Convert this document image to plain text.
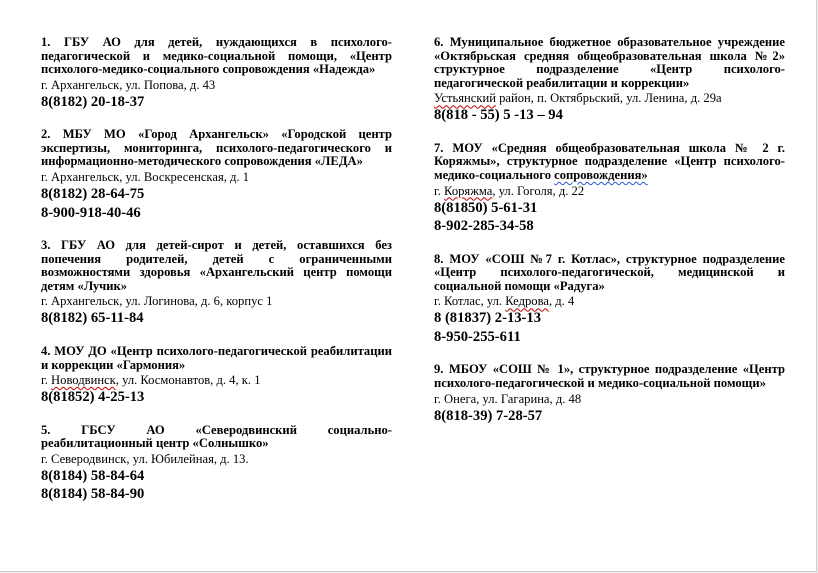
1. ГБУ АО для детей, нуждающихся в психолого-педагогической и медико-социальной помощи, «Центр психолого-медико-социального сопровождения «Надежда»
г. Архангельск, ул. Попова, д. 43
8(8182) 20-18-37
2. МБУ МО «Город Архангельск» «Городской центр экспертизы, мониторинга, психолого-педагогического и информационно-методического сопровождения «ЛЕДА»
г. Архангельск, ул. Воскресенская, д. 1
8(8182) 28-64-75
8-900-918-40-46
3. ГБУ АО для детей-сирот и детей, оставшихся без попечения родителей, детей с ограниченными возможностями здоровья «Архангельский центр помощи детям «Лучик»
г. Архангельск, ул. Логинова, д. 6, корпус 1
8(8182) 65-11-84
4. МОУ ДО «Центр психолого-педагогической реабилитации и коррекции «Гармония»
г. Новодвинск, ул. Космонавтов, д. 4, к. 1
8(81852) 4-25-13
5. ГБСУ АО «Северодвинский социально-реабилитационный центр «Солнышко»
г. Северодвинск, ул. Юбилейная, д. 13.
8(8184) 58-84-64
8(8184) 58-84-90
6. Муниципальное бюджетное образовательное учреждение «Октябрьская средняя общеобразовательная школа №2» структурное подразделение «Центр психолого-педагогической реабилитации и коррекции»
Устьянский район, п. Октябрьский, ул. Ленина, д. 29а
8(818 - 55) 5 -13 – 94
7. МОУ «Средняя общеобразовательная школа № 2 г. Коряжмы», структурное подразделение «Центр психолого-медико-социального сопровождения»
г. Коряжма, ул. Гоголя, д. 22
8(81850) 5-61-31
8-902-285-34-58
8. МОУ «СОШ №7 г. Котлас», структурное подразделение «Центр психолого-педагогической, медицинской и социальной помощи «Радуга»
г. Котлас, ул. Кедрова, д. 4
8 (81837) 2-13-13
8-950-255-611
9. МБОУ «СОШ № 1», структурное подразделение «Центр психолого-педагогической и медико-социальной помощи»
г. Онега, ул. Гагарина, д. 48
8(818-39) 7-28-57
